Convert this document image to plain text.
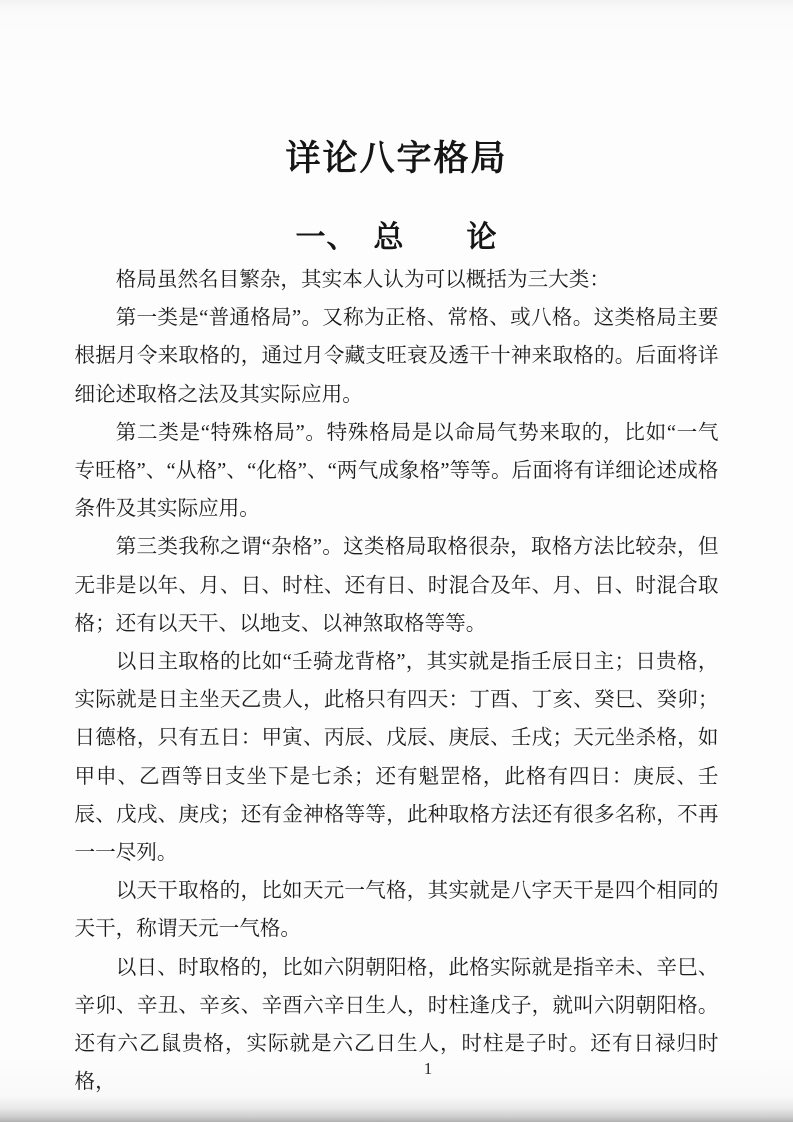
详论八字格局
一、　总　　论

格局虽然名目繁杂，其实本人认为可以概括为三大类：

第一类是“普通格局”。又称为正格、常格、或八格。这类格局主要根据月令来取格的，通过月令藏支旺衰及透干十神来取格的。后面将详细论述取格之法及其实际应用。

第二类是“特殊格局”。特殊格局是以命局气势来取的，比如“一气专旺格”、“从格”、“化格”、“两气成象格”等等。后面将有详细论述成格条件及其实际应用。

第三类我称之谓“杂格”。这类格局取格很杂，取格方法比较杂，但无非是以年、月、日、时柱、还有日、时混合及年、月、日、时混合取格；还有以天干、以地支、以神煞取格等等。

以日主取格的比如“壬骑龙背格”，其实就是指壬辰日主；日贵格，实际就是日主坐天乙贵人，此格只有四天：丁酉、丁亥、癸巳、癸卯；日德格，只有五日：甲寅、丙辰、戊辰、庚辰、壬戌；天元坐杀格，如甲申、乙酉等日支坐下是七杀；还有魁罡格，此格有四日：庚辰、壬辰、戊戌、庚戌；还有金神格等等，此种取格方法还有很多名称，不再一一尽列。

以天干取格的，比如天元一气格，其实就是八字天干是四个相同的天干，称谓天元一气格。

以日、时取格的，比如六阴朝阳格，此格实际就是指辛未、辛巳、辛卯、辛丑、辛亥、辛酉六辛日生人，时柱逢戊子，就叫六阴朝阳格。还有六乙鼠贵格，实际就是六乙日生人，时柱是子时。还有日禄归时格，

1
